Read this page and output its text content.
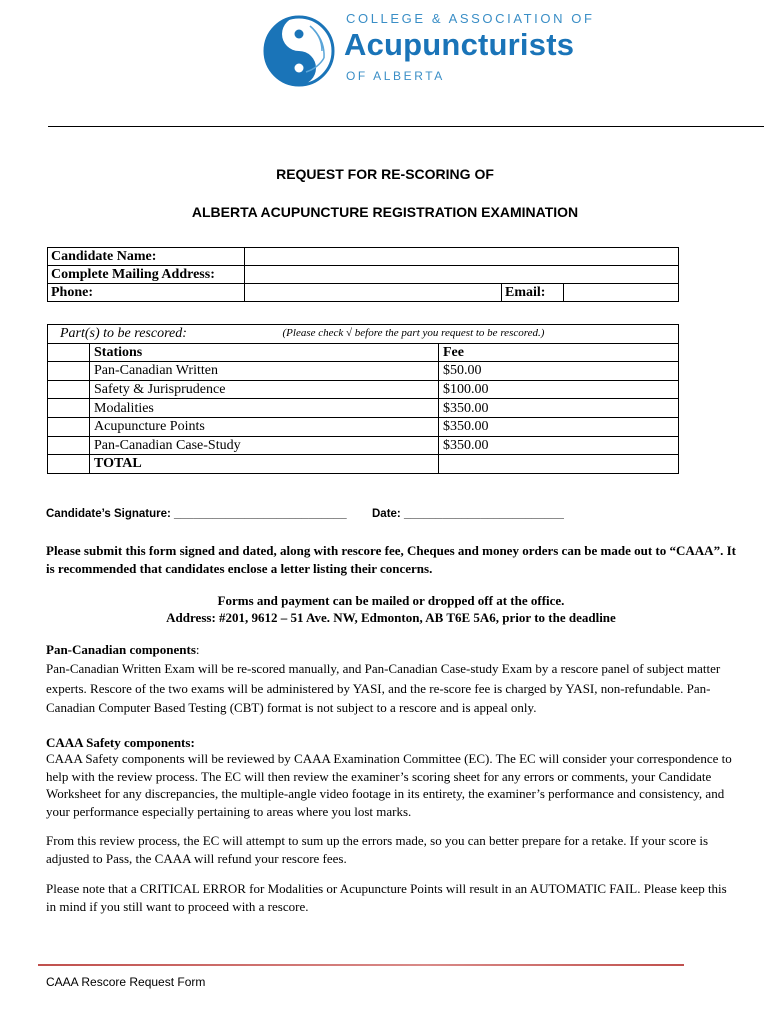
COLLEGE & ASSOCIATION OF
Acupuncturists
OF ALBERTA
REQUEST FOR RE-SCORING OF
ALBERTA ACUPUNCTURE REGISTRATION EXAMINATION
Candidate Name:			
Complete Mailing Address:			
Phone:		Email:	
Part(s) to be rescored: (Please check √ before the part you request to be rescored.)		

	Stations	Fee
	Pan-Canadian Written	$50.00
	Safety & Jurisprudence	$100.00
	Modalities	$350.00
	Acupuncture Points	$350.00
	Pan-Canadian Case-Study	$350.00
	TOTAL	
Candidate’s Signature: ___________________________ Date: _________________________
Please submit this form signed and dated, along with rescore fee, Cheques and money orders can be made out to “CAAA”. It is recommended that candidates enclose a letter listing their concerns.
Forms and payment can be mailed or dropped off at the office.
Address: #201, 9612 – 51 Ave. NW, Edmonton, AB T6E 5A6, prior to the deadline
Pan-Canadian components:
Pan-Canadian Written Exam will be re-scored manually, and Pan-Canadian Case-study Exam by a rescore panel of subject matter experts. Rescore of the two exams will be administered by YASI, and the re-score fee is charged by YASI, non-refundable. Pan-Canadian Computer Based Testing (CBT) format is not subject to a rescore and is appeal only.
CAAA Safety components:
CAAA Safety components will be reviewed by CAAA Examination Committee (EC). The EC will consider your correspondence to help with the review process. The EC will then review the examiner’s scoring sheet for any errors or comments, your Candidate Worksheet for any discrepancies, the multiple-angle video footage in its entirety, the examiner’s performance and consistency, and your performance especially pertaining to areas where you lost marks.
From this review process, the EC will attempt to sum up the errors made, so you can better prepare for a retake. If your score is adjusted to Pass, the CAAA will refund your rescore fees.
Please note that a CRITICAL ERROR for Modalities or Acupuncture Points will result in an AUTOMATIC FAIL. Please keep this in mind if you still want to proceed with a rescore.
CAAA Rescore Request Form
